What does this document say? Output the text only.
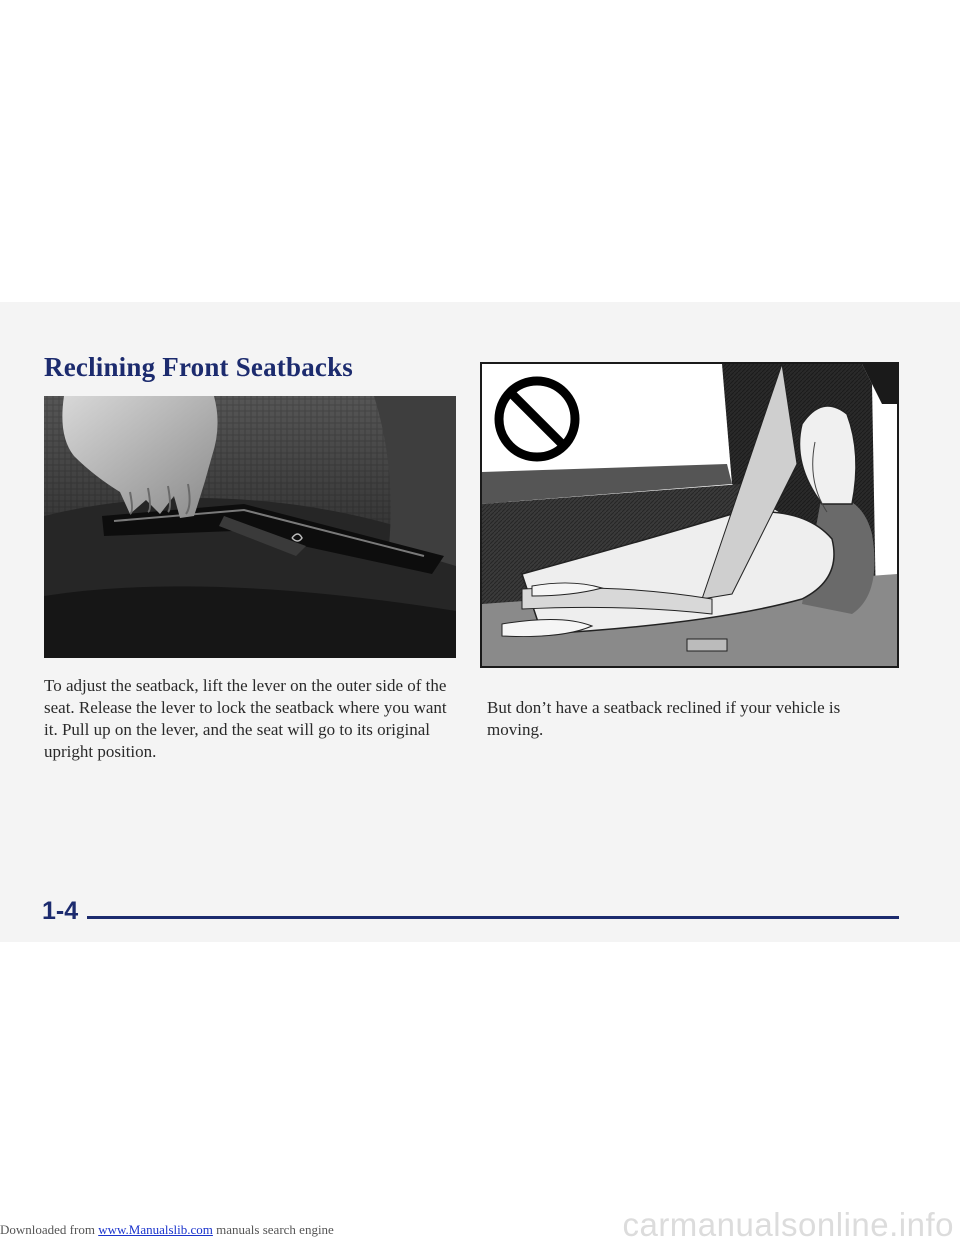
Reclining Front Seatbacks

To adjust the seatback, lift the lever on the outer side of the seat. Release the lever to lock the seatback where you want it. Pull up on the lever, and the seat will go to its original upright position.

But don’t have a seatback reclined if your vehicle is moving.

1-4

Downloaded from www.Manualslib.com manuals search engine	carmanualsonline.info
